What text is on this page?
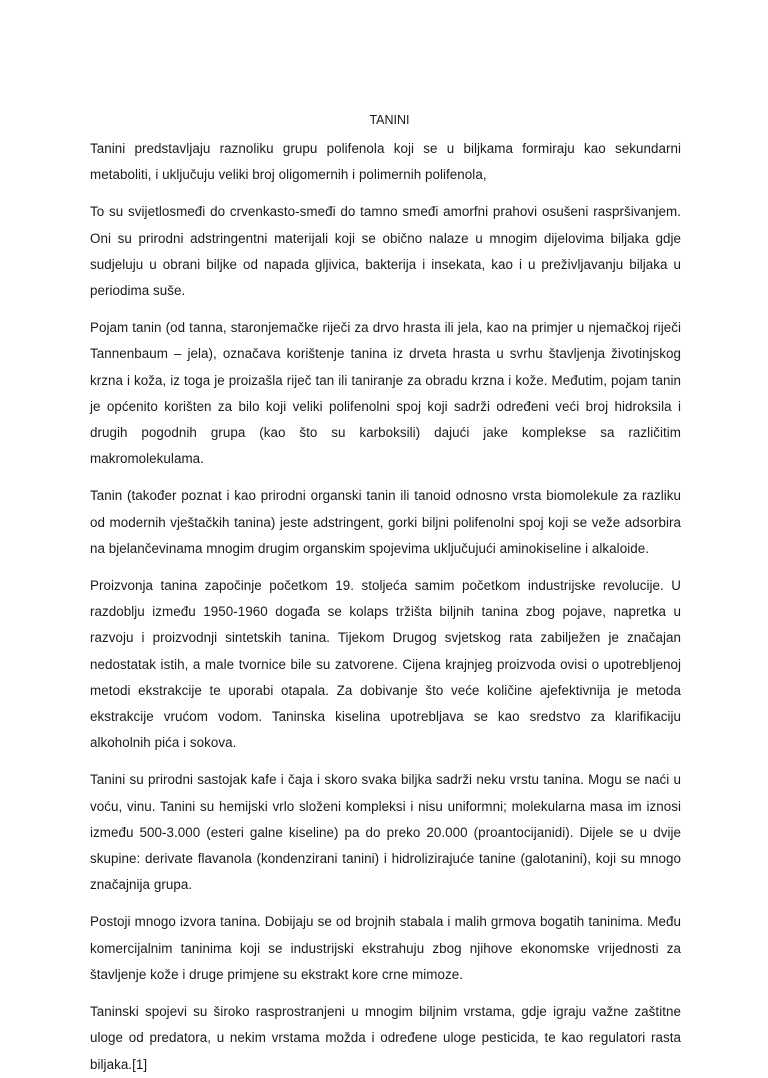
TANINI

Tanini predstavljaju raznoliku grupu polifenola koji se u biljkama formiraju kao sekundarni metaboliti, i uključuju veliki broj oligomernih i polimernih polifenola,

To su svijetlosmeđi do crvenkasto-smeđi do tamno smeđi amorfni prahovi osušeni raspršivanjem. Oni su prirodni adstringentni materijali koji se obično nalaze u mnogim dijelovima biljaka gdje sudjeluju u obrani biljke od napada gljivica, bakterija i insekata, kao i u preživljavanju biljaka u periodima suše.

Pojam tanin (od tanna, staronjemačke riječi za drvo hrasta ili jela, kao na primjer u njemačkoj riječi Tannenbaum – jela), označava korištenje tanina iz drveta hrasta u svrhu štavljenja životinjskog krzna i koža, iz toga je proizašla riječ tan ili taniranje za obradu krzna i kože. Međutim, pojam tanin je općenito korišten za bilo koji veliki polifenolni spoj koji sadrži određeni veći broj hidroksila i drugih pogodnih grupa (kao što su karboksili) dajući jake komplekse sa različitim makromolekulama.

Tanin (također poznat i kao prirodni organski tanin ili tanoid odnosno vrsta biomolekule za razliku od modernih vještačkih tanina) jeste adstringent, gorki biljni polifenolni spoj koji se veže adsorbira na bjelančevinama mnogim drugim organskim spojevima uključujući aminokiseline i alkaloide.

Proizvonja tanina započinje početkom 19. stoljeća samim početkom industrijske revolucije. U razdoblju između 1950-1960 događa se kolaps tržišta biljnih tanina zbog pojave, napretka u razvoju i proizvodnji sintetskih tanina. Tijekom Drugog svjetskog rata zabilježen je značajan nedostatak istih, a male tvornice bile su zatvorene. Cijena krajnjeg proizvoda ovisi o upotrebljenoj metodi ekstrakcije te uporabi otapala. Za dobivanje što veće količine ajefektivnija je metoda ekstrakcije vrućom vodom. Taninska kiselina upotrebljava se kao sredstvo za klarifikaciju alkoholnih pića i sokova.

Tanini su prirodni sastojak kafe i čaja i skoro svaka biljka sadrži neku vrstu tanina. Mogu se naći u voću, vinu. Tanini su hemijski vrlo složeni kompleksi i nisu uniformni; molekularna masa im iznosi između 500-3.000 (esteri galne kiseline) pa do preko 20.000 (proantocijanidi). Dijele se u dvije skupine: derivate flavanola (kondenzirani tanini) i hidrolizirajuće tanine (galotanini), koji su mnogo značajnija grupa.

Postoji mnogo izvora tanina. Dobijaju se od brojnih stabala i malih grmova bogatih taninima. Među komercijalnim taninima koji se industrijski ekstrahuju zbog njihove ekonomske vrijednosti za štavljenje kože i druge primjene su ekstrakt kore crne mimoze.

Taninski spojevi su široko rasprostranjeni u mnogim biljnim vrstama, gdje igraju važne zaštitne uloge od predatora, u nekim vrstama možda i određene uloge pesticida, te kao regulatori rasta biljaka.[1]
